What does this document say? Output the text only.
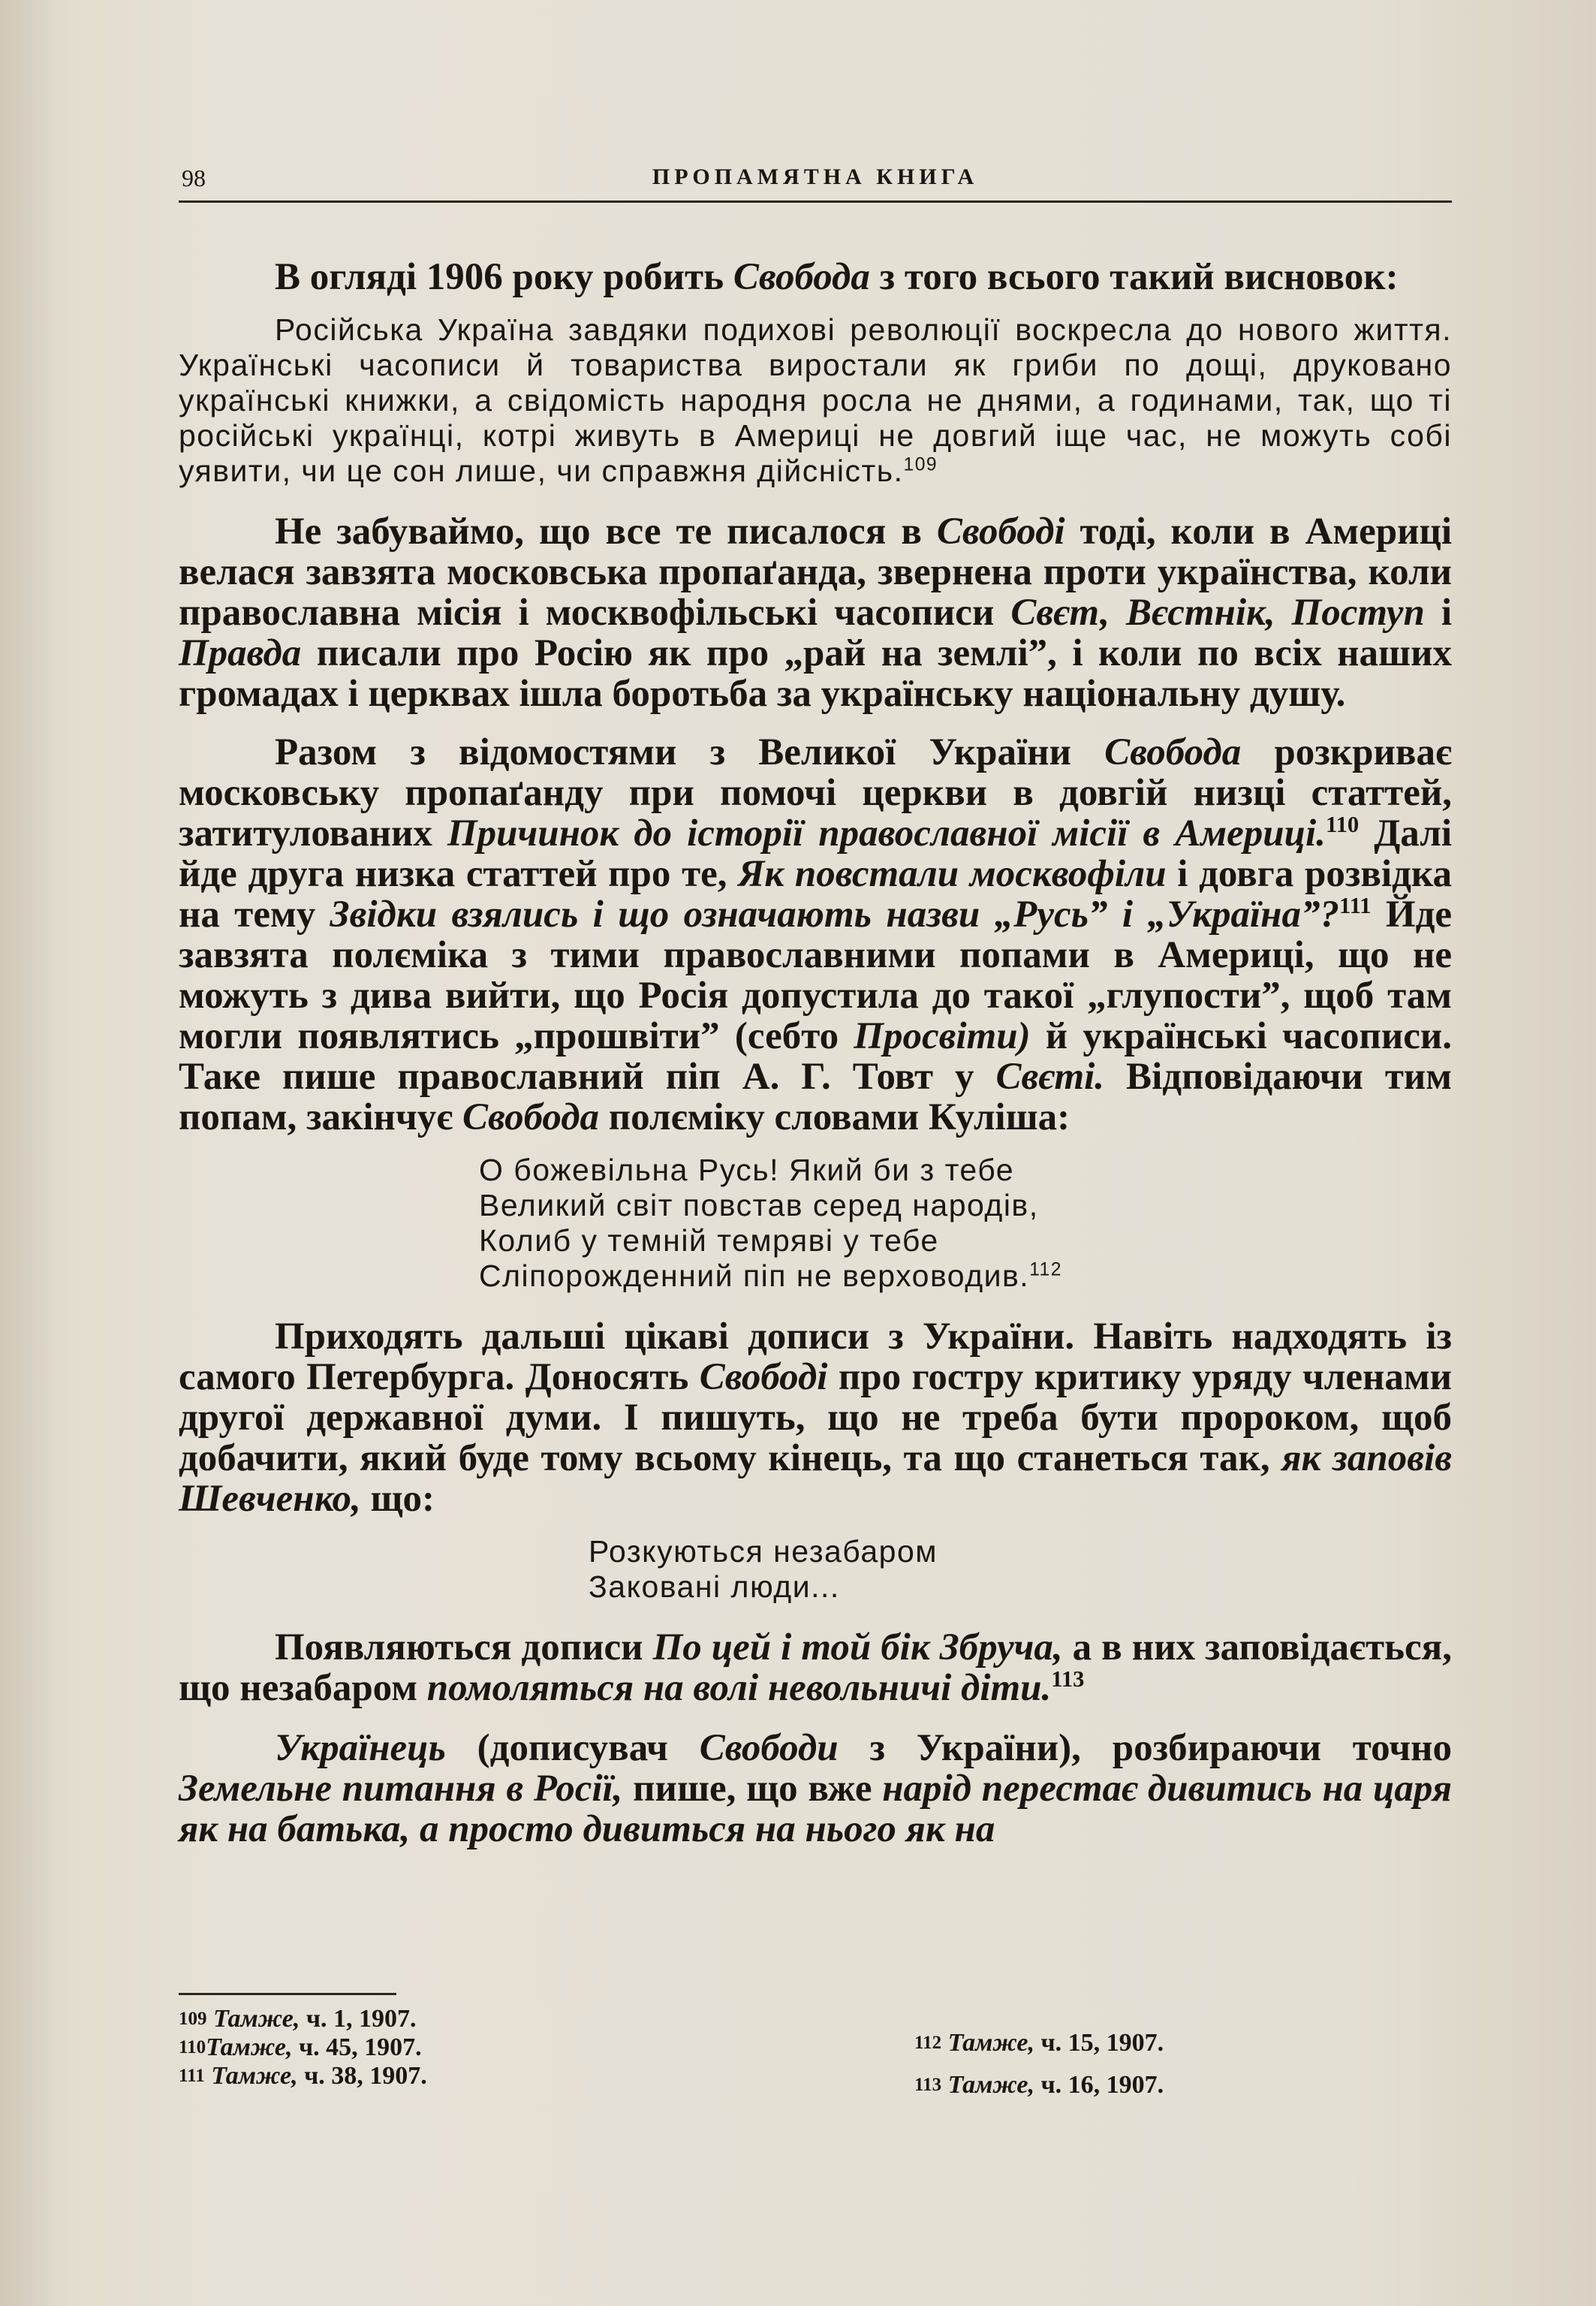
98	ПРОПАМЯТНА КНИГА

В огляді 1906 року робить Свобода з того всього такий висновок:

Російська Україна завдяки подихові революції воскресла до нового життя. Українські часописи й товариства виростали як гриби по дощі, друковано українські книжки, а свідомість народня росла не днями, а годинами, так, що ті російські українці, котрі живуть в Америці не довгий іще час, не можуть собі уявити, чи це сон лише, чи справжня дійсність.$^{109}$

Не забуваймо, що все те писалося в Свободі тоді, коли в Америці велася завзята московська пропаґанда, звернена проти українства, коли православна місія і москвофільські часописи Свєт, Вєстнік, Поступ і Правда писали про Росію як про „рай на землі”, і коли по всіх наших громадах і церквах ішла боротьба за українську національну душу.

Разом з відомостями з Великої України Свобода розкриває московську пропаґанду при помочі церкви в довгій низці статтей, затитулованих Причинок до історії православної місії в Америці.$^{110}$ Далі йде друга низка статтей про те, Як повстали москвофіли і довга розвідка на тему Звідки взялись і що означають назви „Русь” і „Україна”?$^{111}$ Йде завзята полєміка з тими православними попами в Америці, що не можуть з дива вийти, що Росія допустила до такої „глупости”, щоб там могли появлятись „прошвіти” (себто Просвіти) й українські часописи. Таке пише православний піп А. Г. Товт у Свєті. Відповідаючи тим попам, закінчує Свобода полєміку словами Куліша:

О божевільна Русь! Який би з тебе
Великий світ повстав серед народів,
Колиб у темній темряві у тебе
Сліпорожденний піп не верховодив.$^{112}$

Приходять дальші цікаві дописи з України. Навіть надходять із самого Петербурга. Доносять Свободі про гостру критику уряду членами другої державної думи. І пишуть, що не треба бути пророком, щоб добачити, який буде тому всьому кінець, та що станеться так, як заповів Шевченко, що:

Розкуються незабаром
Заковані люди...

Появляються дописи По цей і той бік Збруча, а в них заповідається, що незабаром помоляться на волі невольничі діти.$^{113}$

Українець (дописувач Свободи з України), розбираючи точно Земельне питання в Росії, пише, що вже нарід перестає дивитись на царя як на батька, а просто дивиться на нього як на

$^{109}$ Тамже, ч. 1, 1907.
$^{110}$Тамже, ч. 45, 1907.
$^{111}$ Тамже, ч. 38, 1907.
$^{112}$ Тамже, ч. 15, 1907.
$^{113}$ Тамже, ч. 16, 1907.
